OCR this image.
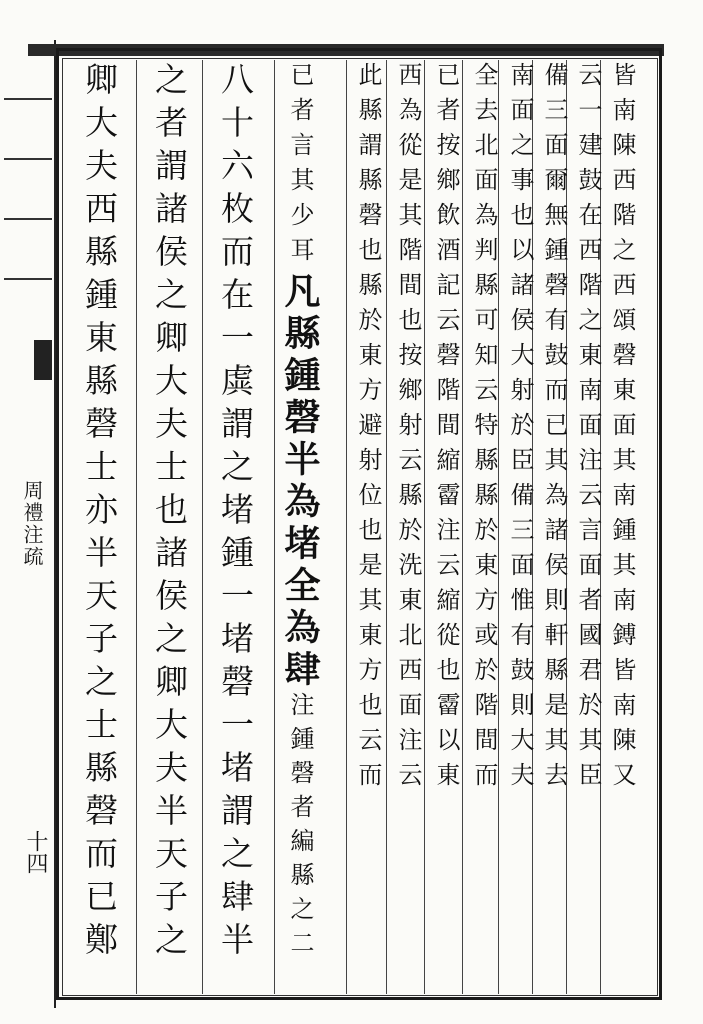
周禮注疏
十四
皆南陳西階之西頌磬東面其南鍾其南鎛皆南陳又
云一建鼓在西階之東南面注云言面者國君於其臣
備三面爾無鍾磬有鼓而已其為諸侯則軒縣是其去
南面之事也以諸侯大射於臣備三面惟有鼓則大夫
全去北面為判縣可知云特縣縣於東方或於階間而
已者按鄉飲酒記云磬階間縮霤注云縮從也霤以東
西為從是其階間也按鄉射云縣於洗東北西面注云
此縣謂縣磬也縣於東方避射位也是其東方也云而
已者言其少耳凡縣鍾磬半為堵全為肆注鍾磬者編縣之二
八十六枚而在一虡謂之堵鍾一堵磬一堵謂之肆半
之者謂諸侯之卿大夫士也諸侯之卿大夫半天子之
卿大夫西縣鍾東縣磬士亦半天子之士縣磬而已鄭
